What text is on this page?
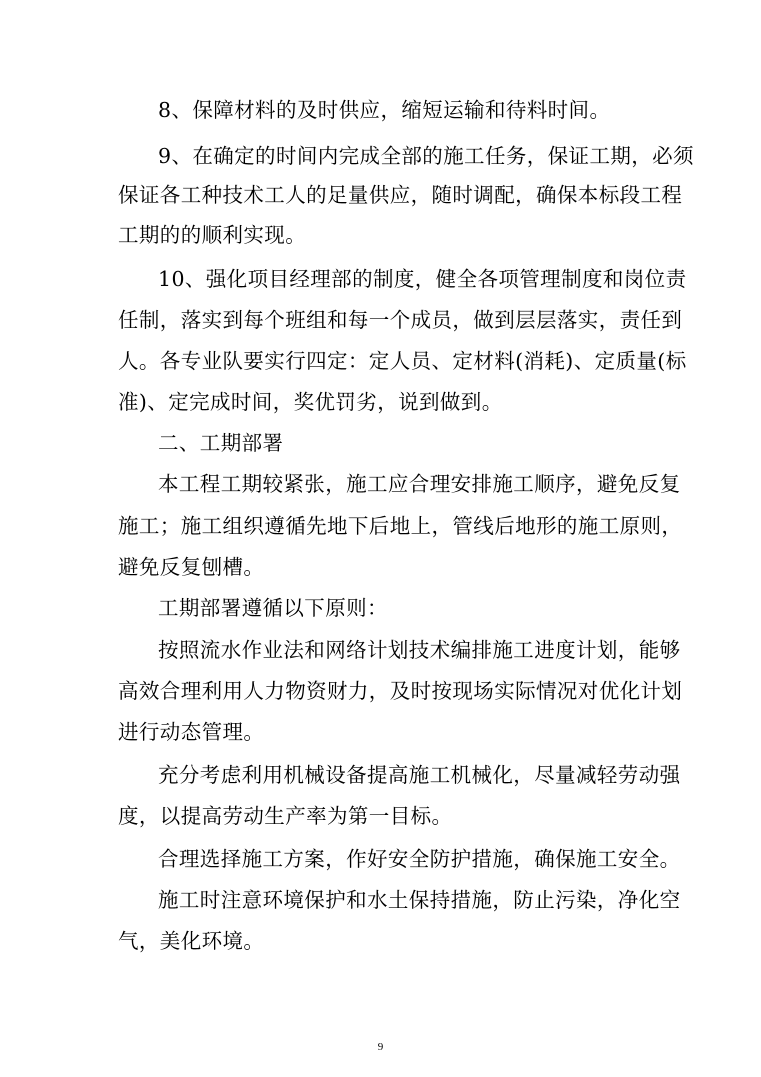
8、保障材料的及时供应，缩短运输和待料时间。
9、在确定的时间内完成全部的施工任务，保证工期，必须
保证各工种技术工人的足量供应，随时调配，确保本标段工程
工期的的顺利实现。
10、强化项目经理部的制度，健全各项管理制度和岗位责
任制，落实到每个班组和每一个成员，做到层层落实，责任到
人。各专业队要实行四定：定人员、定材料(消耗)、定质量(标
准)、定完成时间，奖优罚劣，说到做到。
二、工期部署
本工程工期较紧张，施工应合理安排施工顺序，避免反复
施工；施工组织遵循先地下后地上，管线后地形的施工原则，
避免反复刨槽。
工期部署遵循以下原则：
按照流水作业法和网络计划技术编排施工进度计划，能够
高效合理利用人力物资财力，及时按现场实际情况对优化计划
进行动态管理。
充分考虑利用机械设备提高施工机械化，尽量减轻劳动强
度，以提高劳动生产率为第一目标。
合理选择施工方案，作好安全防护措施，确保施工安全。
施工时注意环境保护和水土保持措施，防止污染，净化空
气，美化环境。
9
